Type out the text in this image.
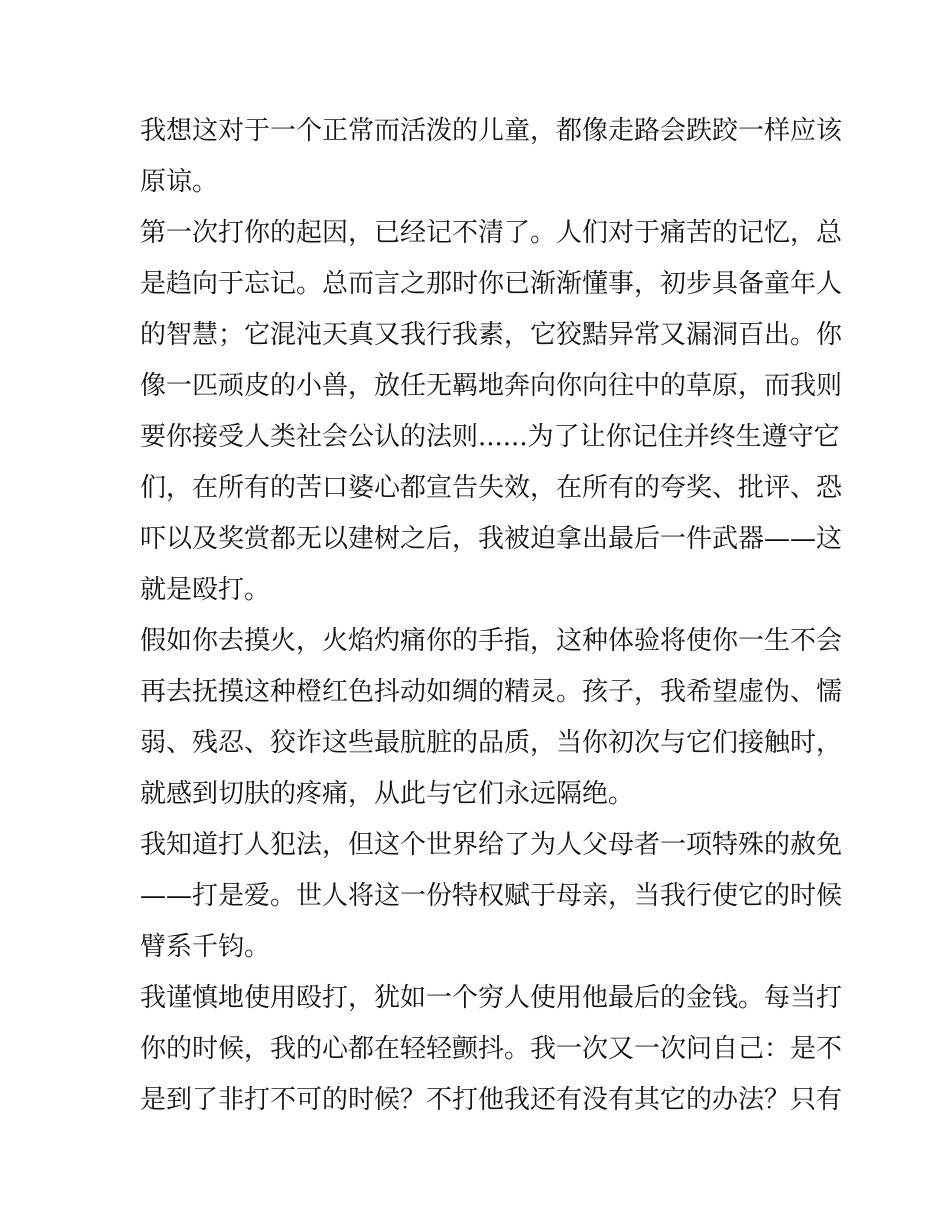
我想这对于一个正常而活泼的儿童，都像走路会跌跤一样应该
原谅。
第一次打你的起因，已经记不清了。人们对于痛苦的记忆，总
是趋向于忘记。总而言之那时你已渐渐懂事，初步具备童年人
的智慧；它混沌天真又我行我素，它狡黠异常又漏洞百出。你
像一匹顽皮的小兽，放任无羁地奔向你向往中的草原，而我则
要你接受人类社会公认的法则......为了让你记住并终生遵守它
们，在所有的苦口婆心都宣告失效，在所有的夸奖、批评、恐
吓以及奖赏都无以建树之后，我被迫拿出最后一件武器——这
就是殴打。
假如你去摸火，火焰灼痛你的手指，这种体验将使你一生不会
再去抚摸这种橙红色抖动如绸的精灵。孩子，我希望虚伪、懦
弱、残忍、狡诈这些最肮脏的品质，当你初次与它们接触时，
就感到切肤的疼痛，从此与它们永远隔绝。
我知道打人犯法，但这个世界给了为人父母者一项特殊的赦免
——打是爱。世人将这一份特权赋于母亲，当我行使它的时候
臂系千钧。
我谨慎地使用殴打，犹如一个穷人使用他最后的金钱。每当打
你的时候，我的心都在轻轻颤抖。我一次又一次问自己：是不
是到了非打不可的时候？不打他我还有没有其它的办法？只有
